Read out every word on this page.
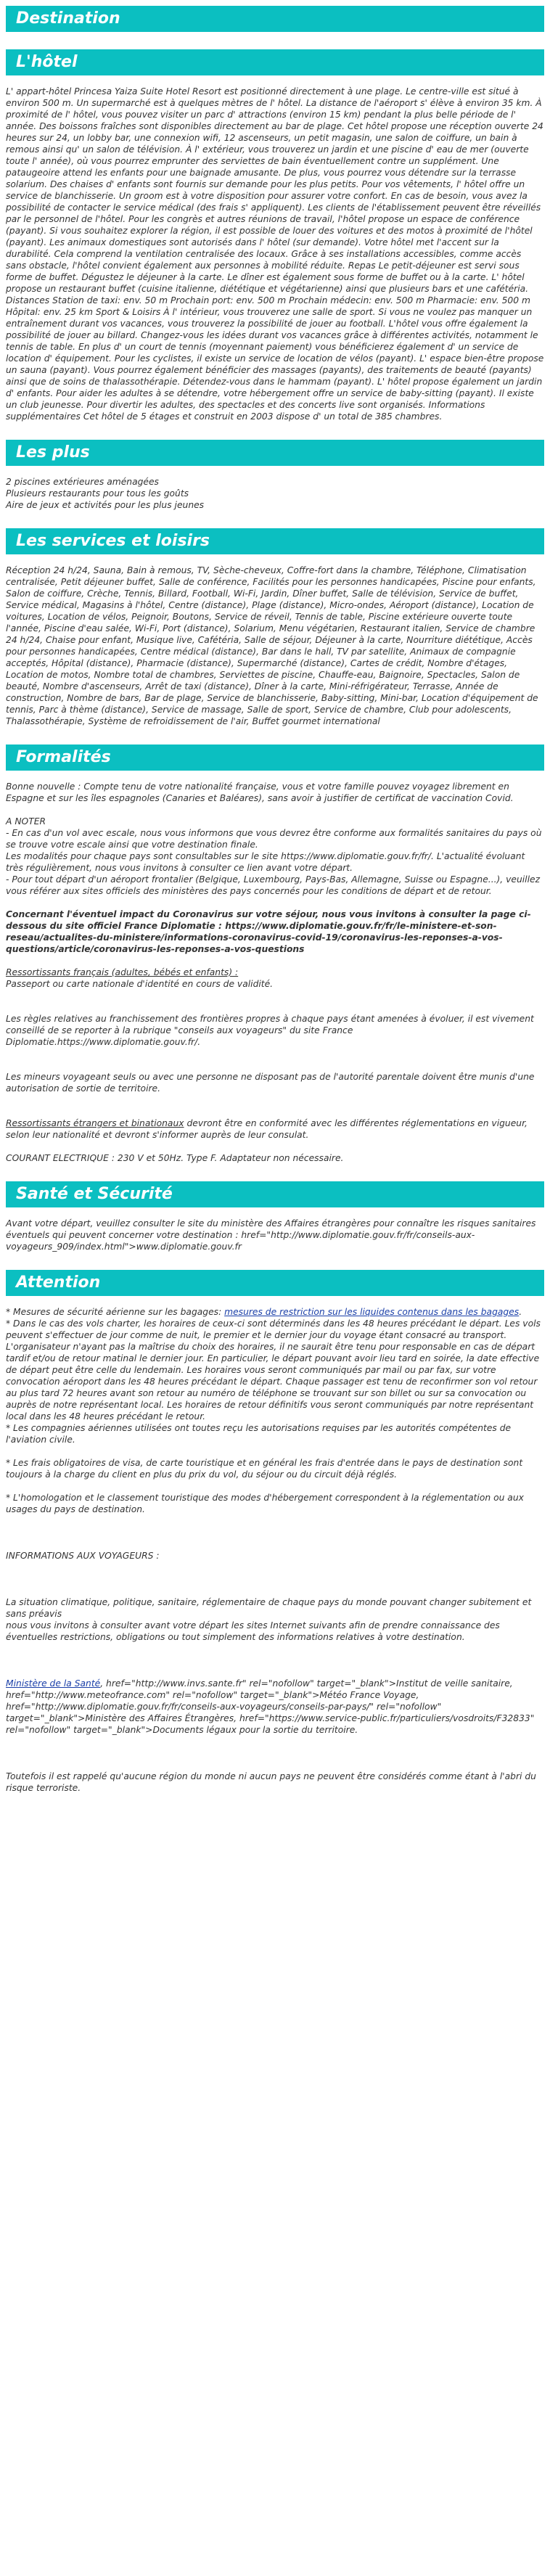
Destination
L'hôtel
L' appart-hôtel Princesa Yaiza Suite Hotel Resort est positionné directement à une plage. Le centre-ville est situé à environ 500 m. Un supermarché est à quelques mètres de l' hôtel. La distance de l'aéroport s' élève à environ 35 km. À proximité de l' hôtel, vous pouvez visiter un parc d' attractions (environ 15 km) pendant la plus belle période de l' année. Des boissons fraîches sont disponibles directement au bar de plage. Cet hôtel propose une réception ouverte 24 heures sur 24, un lobby bar, une connexion wifi, 12 ascenseurs, un petit magasin, une salon de coiffure, un bain à remous ainsi qu' un salon de télévision. À l' extérieur, vous trouverez un jardin et une piscine d' eau de mer (ouverte toute l' année), où vous pourrez emprunter des serviettes de bain éventuellement contre un supplément. Une pataugeoire attend les enfants pour une baignade amusante. De plus, vous pourrez vous détendre sur la terrasse solarium. Des chaises d' enfants sont fournis sur demande pour les plus petits. Pour vos vêtements, l' hôtel offre un service de blanchisserie. Un groom est à votre disposition pour assurer votre confort. En cas de besoin, vous avez la possibilité de contacter le service médical (des frais s' appliquent). Les clients de l'établissement peuvent être réveillés par le personnel de l'hôtel. Pour les congrès et autres réunions de travail, l'hôtel propose un espace de conférence (payant). Si vous souhaitez explorer la région, il est possible de louer des voitures et des motos à proximité de l'hôtel (payant). Les animaux domestiques sont autorisés dans l' hôtel (sur demande). Votre hôtel met l'accent sur la durabilité. Cela comprend la ventilation centralisée des locaux. Grâce à ses installations accessibles, comme accès sans obstacle, l'hôtel convient également aux personnes à mobilité réduite. Repas Le petit-déjeuner est servi sous forme de buffet. Dégustez le déjeuner à la carte. Le dîner est également sous forme de buffet ou à la carte. L' hôtel propose un restaurant buffet (cuisine italienne, diététique et végétarienne) ainsi que plusieurs bars et une cafétéria. Distances Station de taxi: env. 50 m Prochain port: env. 500 m Prochain médecin: env. 500 m Pharmacie: env. 500 m Hôpital: env. 25 km Sport & Loisirs À l' intérieur, vous trouverez une salle de sport. Si vous ne voulez pas manquer un entraînement durant vos vacances, vous trouverez la possibilité de jouer au football. L'hôtel vous offre également la possibilité de jouer au billard. Changez-vous les idées durant vos vacances grâce à différentes activités, notamment le tennis de table. En plus d' un court de tennis (moyennant paiement) vous bénéficierez également d' un service de location d' équipement. Pour les cyclistes, il existe un service de location de vélos (payant). L' espace bien-être propose un sauna (payant). Vous pourrez également bénéficier des massages (payants), des traitements de beauté (payants) ainsi que de soins de thalassothérapie. Détendez-vous dans le hammam (payant). L' hôtel propose également un jardin d' enfants. Pour aider les adultes à se détendre, votre hébergement offre un service de baby-sitting (payant). Il existe un club jeunesse. Pour divertir les adultes, des spectacles et des concerts live sont organisés. Informations supplémentaires Cet hôtel de 5 étages et construit en 2003 dispose d' un total de 385 chambres.
Les plus
2 piscines extérieures aménagées
Plusieurs restaurants pour tous les goûts
Aire de jeux et activités pour les plus jeunes
Les services et loisirs
Réception 24 h/24, Sauna, Bain à remous, TV, Sèche-cheveux, Coffre-fort dans la chambre, Téléphone, Climatisation centralisée, Petit déjeuner buffet, Salle de conférence, Facilités pour les personnes handicapées, Piscine pour enfants, Salon de coiffure, Crèche, Tennis, Billard, Football, Wi-Fi, Jardin, Dîner buffet, Salle de télévision, Service de buffet, Service médical, Magasins à l'hôtel, Centre (distance), Plage (distance), Micro-ondes, Aéroport (distance), Location de voitures, Location de vélos, Peignoir, Boutons, Service de réveil, Tennis de table, Piscine extérieure ouverte toute l'année, Piscine d'eau salée, Wi-Fi, Port (distance), Solarium, Menu végétarien, Restaurant italien, Service de chambre 24 h/24, Chaise pour enfant, Musique live, Cafétéria, Salle de séjour, Déjeuner à la carte, Nourriture diététique, Accès pour personnes handicapées, Centre médical (distance), Bar dans le hall, TV par satellite, Animaux de compagnie acceptés, Hôpital (distance), Pharmacie (distance), Supermarché (distance), Cartes de crédit, Nombre d'étages, Location de motos, Nombre total de chambres, Serviettes de piscine, Chauffe-eau, Baignoire, Spectacles, Salon de beauté, Nombre d'ascenseurs, Arrêt de taxi (distance), Dîner à la carte, Mini-réfrigérateur, Terrasse, Année de construction, Nombre de bars, Bar de plage, Service de blanchisserie, Baby-sitting, Mini-bar, Location d'équipement de tennis, Parc à thème (distance), Service de massage, Salle de sport, Service de chambre, Club pour adolescents, Thalassothérapie, Système de refroidissement de l'air, Buffet gourmet international
Formalités
Bonne nouvelle : Compte tenu de votre nationalité française, vous et votre famille pouvez voyagez librement en Espagne et sur les îles espagnoles (Canaries et Baléares), sans avoir à justifier de certificat de vaccination Covid.
A NOTER
- En cas d'un vol avec escale, nous vous informons que vous devrez être conforme aux formalités sanitaires du pays où se trouve votre escale ainsi que votre destination finale.
Les modalités pour chaque pays sont consultables sur le site https://www.diplomatie.gouv.fr/fr/. L'actualité évoluant très régulièrement, nous vous invitons à consulter ce lien avant votre départ.
- Pour tout départ d'un aéroport frontalier (Belgique, Luxembourg, Pays-Bas, Allemagne, Suisse ou Espagne...), veuillez vous référer aux sites officiels des ministères des pays concernés pour les conditions de départ et de retour.
Concernant l'éventuel impact du Coronavirus sur votre séjour, nous vous invitons à consulter la page ci-dessous du site officiel France Diplomatie : https://www.diplomatie.gouv.fr/fr/le-ministere-et-son-reseau/actualites-du-ministere/informations-coronavirus-covid-19/coronavirus-les-reponses-a-vos-questions/article/coronavirus-les-reponses-a-vos-questions
Ressortissants français (adultes, bébés et enfants) :
Passeport ou carte nationale d'identité en cours de validité.
Les règles relatives au franchissement des frontières propres à chaque pays étant amenées à évoluer, il est vivement conseillé de se reporter à la rubrique "conseils aux voyageurs" du site France Diplomatie.https://www.diplomatie.gouv.fr/.
Les mineurs voyageant seuls ou avec une personne ne disposant pas de l'autorité parentale doivent être munis d'une autorisation de sortie de territoire.
Ressortissants étrangers et binationaux devront être en conformité avec les différentes réglementations en vigueur, selon leur nationalité et devront s'informer auprès de leur consulat.
COURANT ELECTRIQUE : 230 V et 50Hz. Type F. Adaptateur non nécessaire.
Santé et Sécurité
Avant votre départ, veuillez consulter le site du ministère des Affaires étrangères pour connaître les risques sanitaires éventuels qui peuvent concerner votre destination : href="http://www.diplomatie.gouv.fr/fr/conseils-aux-voyageurs_909/index.html">www.diplomatie.gouv.fr
Attention
* Mesures de sécurité aérienne sur les bagages: mesures de restriction sur les liquides contenus dans les bagages.
* Dans le cas des vols charter, les horaires de ceux-ci sont déterminés dans les 48 heures précédant le départ. Les vols peuvent s'effectuer de jour comme de nuit, le premier et le dernier jour du voyage étant consacré au transport. L'organisateur n'ayant pas la maîtrise du choix des horaires, il ne saurait être tenu pour responsable en cas de départ tardif et/ou de retour matinal le dernier jour. En particulier, le départ pouvant avoir lieu tard en soirée, la date effective de départ peut être celle du lendemain. Les horaires vous seront communiqués par mail ou par fax, sur votre convocation aéroport dans les 48 heures précédant le départ. Chaque passager est tenu de reconfirmer son vol retour au plus tard 72 heures avant son retour au numéro de téléphone se trouvant sur son billet ou sur sa convocation ou auprès de notre représentant local. Les horaires de retour définitifs vous seront communiqués par notre représentant local dans les 48 heures précédant le retour.
* Les compagnies aériennes utilisées ont toutes reçu les autorisations requises par les autorités compétentes de l'aviation civile.
* Les frais obligatoires de visa, de carte touristique et en général les frais d'entrée dans le pays de destination sont toujours à la charge du client en plus du prix du vol, du séjour ou du circuit déjà réglés.
* L'homologation et le classement touristique des modes d'hébergement correspondent à la réglementation ou aux usages du pays de destination.
INFORMATIONS AUX VOYAGEURS :
La situation climatique, politique, sanitaire, réglementaire de chaque pays du monde pouvant changer subitement et sans préavis
nous vous invitons à consulter avant votre départ les sites Internet suivants afin de prendre connaissance des éventuelles restrictions, obligations ou tout simplement des informations relatives à votre destination.
Ministère de la Santé, href="http://www.invs.sante.fr" rel="nofollow" target="_blank">Institut de veille sanitaire, href="http://www.meteofrance.com" rel="nofollow" target="_blank">Météo France Voyage, href="http://www.diplomatie.gouv.fr/fr/conseils-aux-voyageurs/conseils-par-pays/" rel="nofollow" target="_blank">Ministère des Affaires Étrangères, href="https://www.service-public.fr/particuliers/vosdroits/F32833" rel="nofollow" target="_blank">Documents légaux pour la sortie du territoire.
Toutefois il est rappelé qu'aucune région du monde ni aucun pays ne peuvent être considérés comme étant à l'abri du risque terroriste.
